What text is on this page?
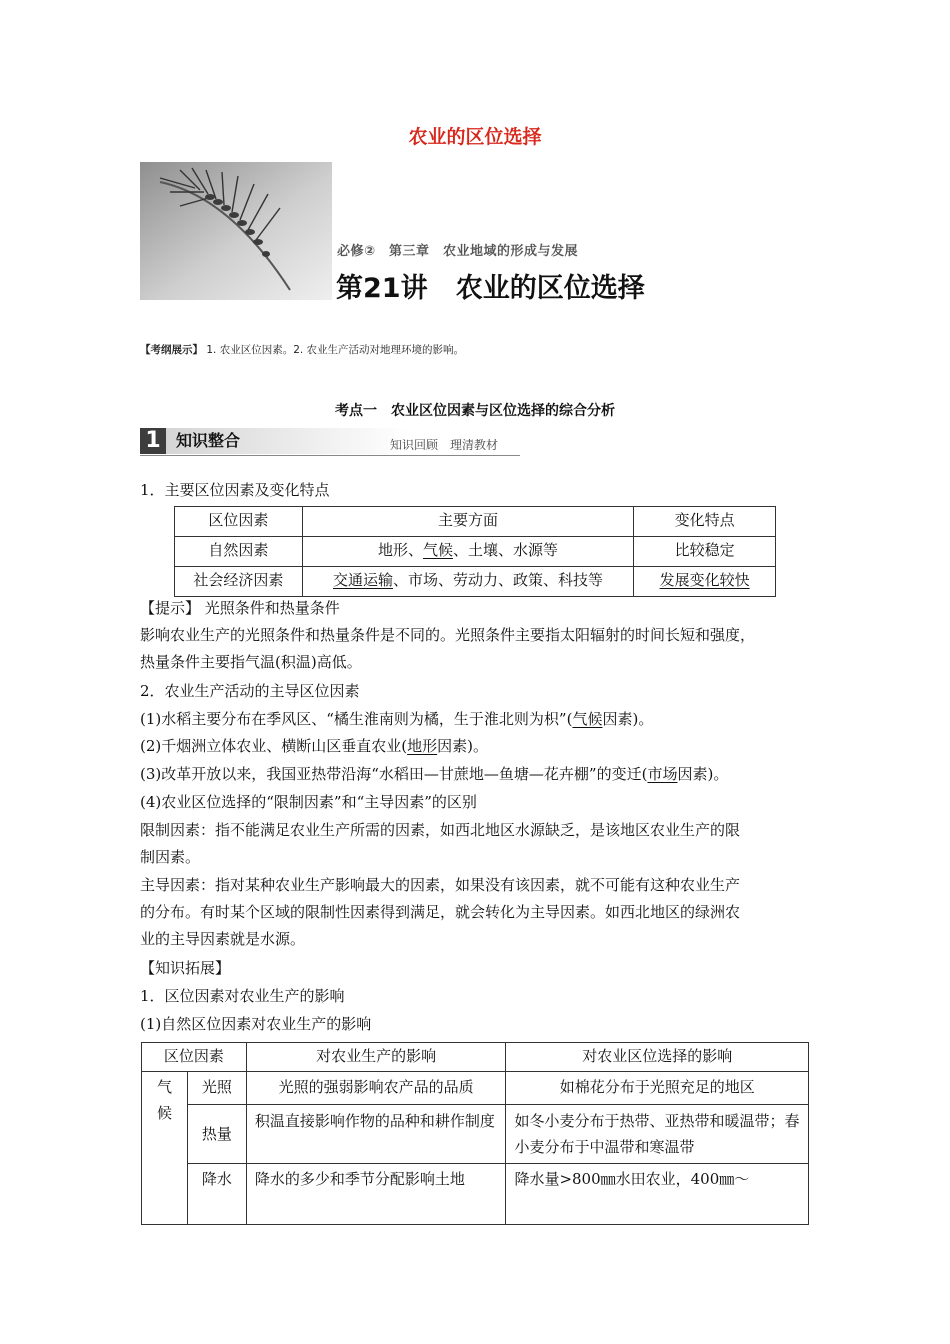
农业的区位选择
必修②　第三章　农业地域的形成与发展
第21讲 农业的区位选择
【考纲展示】 1. 农业区位因素。2. 农业生产活动对地理环境的影响。
考点一　农业区位因素与区位选择的综合分析
1 知识整合	知识回顾　理清教材
1．主要区位因素及变化特点
区位因素	主要方面	变化特点
自然因素	地形、气候、土壤、水源等	比较稳定
社会经济因素	交通运输、市场、劳动力、政策、科技等	发展变化较快
【提示】 光照条件和热量条件
影响农业生产的光照条件和热量条件是不同的。光照条件主要指太阳辐射的时间长短和强度，
热量条件主要指气温(积温)高低。
2．农业生产活动的主导区位因素
(1)水稻主要分布在季风区、“橘生淮南则为橘，生于淮北则为枳”(气候因素)。
(2)千烟洲立体农业、横断山区垂直农业(地形因素)。
(3)改革开放以来，我国亚热带沿海“水稻田—甘蔗地—鱼塘—花卉棚”的变迁(市场因素)。
(4)农业区位选择的“限制因素”和“主导因素”的区别
限制因素：指不能满足农业生产所需的因素，如西北地区水源缺乏，是该地区农业生产的限
制因素。
主导因素：指对某种农业生产影响最大的因素，如果没有该因素，就不可能有这种农业生产
的分布。有时某个区域的限制性因素得到满足，就会转化为主导因素。如西北地区的绿洲农
业的主导因素就是水源。
【知识拓展】
1．区位因素对农业生产的影响
(1)自然区位因素对农业生产的影响
区位因素		对农业生产的影响	对农业区位选择的影响

气候	光照	光照的强弱影响农产品的品质	如棉花分布于光照充足的地区
	热量	积温直接影响作物的品种和耕作制度	如冬小麦分布于热带、亚热带和暖温带；春小麦分布于中温带和寒温带
	降水	降水的多少和季节分配影响土地	降水量>800㎜水田农业，400㎜～
